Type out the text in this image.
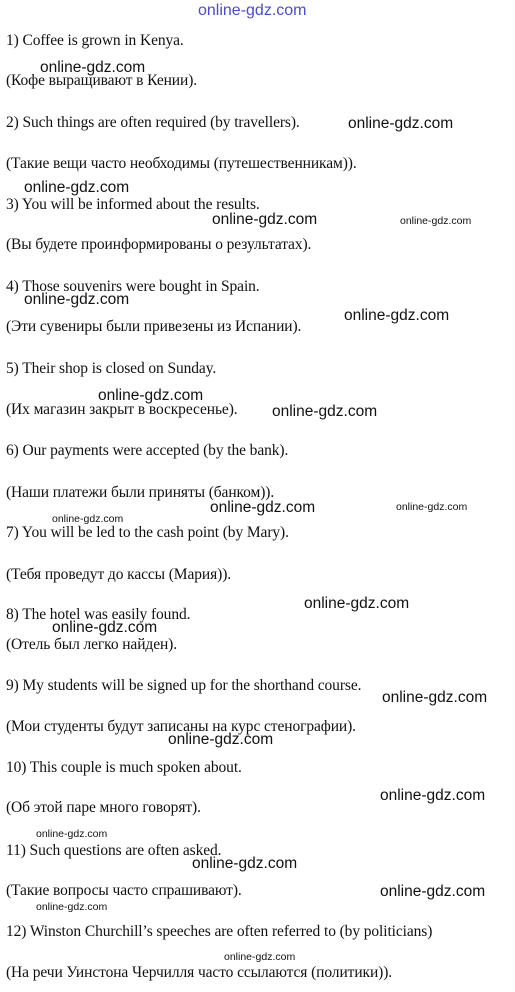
online-gdz.com
1) Coffee is grown in Kenya.
(Кофе выращивают в Кении).
2) Such things are often required (by travellers).
(Такие вещи часто необходимы (путешественникам)).
3) You will be informed about the results.
(Вы будете проинформированы о результатах).
4) Those souvenirs were bought in Spain.
(Эти сувениры были привезены из Испании).
5) Their shop is closed on Sunday.
(Их магазин закрыт в воскресенье).
6) Our payments were accepted (by the bank).
(Наши платежи были приняты (банком)).
7) You will be led to the cash point (by Mary).
(Тебя проведут до кассы (Мария)).
8) The hotel was easily found.
(Отель был легко найден).
9) My students will be signed up for the shorthand course.
(Мои студенты будут записаны на курс стенографии).
10) This couple is much spoken about.
(Об этой паре много говорят).
11) Such questions are often asked.
(Такие вопросы часто спрашивают).
12) Winston Churchill’s speeches are often referred to (by politicians)
(На речи Уинстона Черчилля часто ссылаются (политики)).
online-gdz.com
online-gdz.com
online-gdz.com
online-gdz.com	online-gdz.com
online-gdz.com
online-gdz.com
online-gdz.com
online-gdz.com
online-gdz.com	online-gdz.com
online-gdz.com
online-gdz.com
online-gdz.com
online-gdz.com
online-gdz.com
online-gdz.com
online-gdz.com
online-gdz.com
online-gdz.com
online-gdz.com
online-gdz.com
